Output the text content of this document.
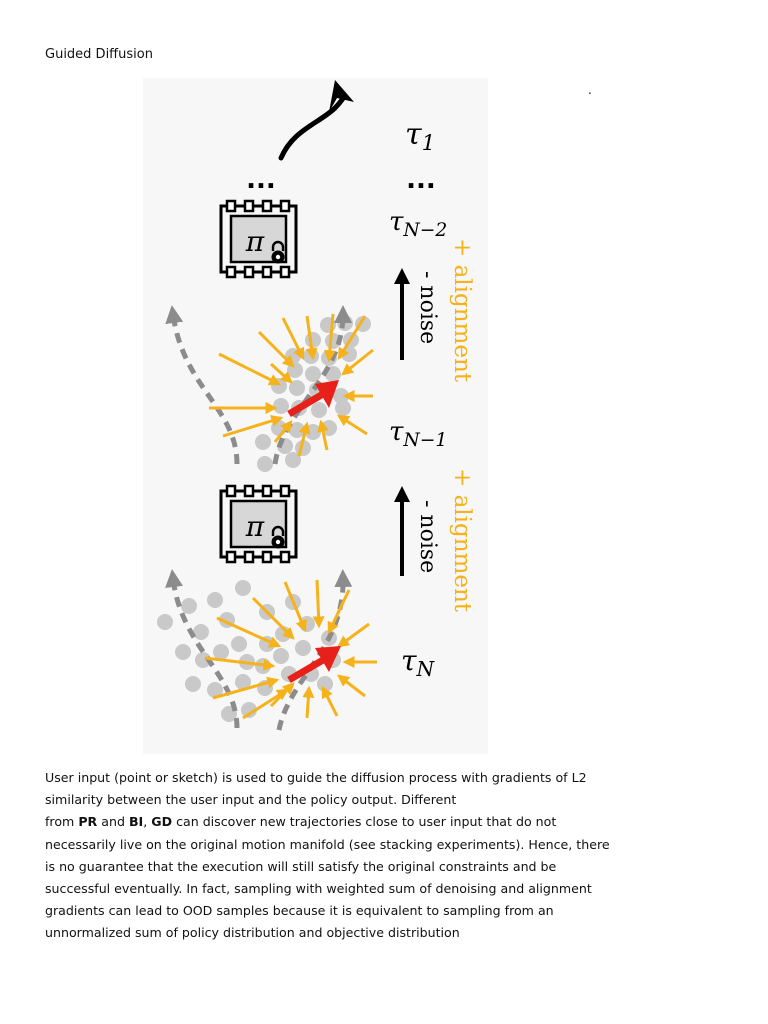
Guided Diffusion
.
...	...
$\tau_1$
$\tau_{N-2}$
$\tau_{N-1}$
$\tau_N$
- noise
- noise
+ alignment
+ alignment
π
π

User input (point or sketch) is used to guide the diffusion process with gradients of L2
similarity between the user input and the policy output. Different
from PR and BI, GD can discover new trajectories close to user input that do not
necessarily live on the original motion manifold (see stacking experiments). Hence, there
is no guarantee that the execution will still satisfy the original constraints and be
successful eventually. In fact, sampling with weighted sum of denoising and alignment
gradients can lead to OOD samples because it is equivalent to sampling from an
unnormalized sum of policy distribution and objective distribution
